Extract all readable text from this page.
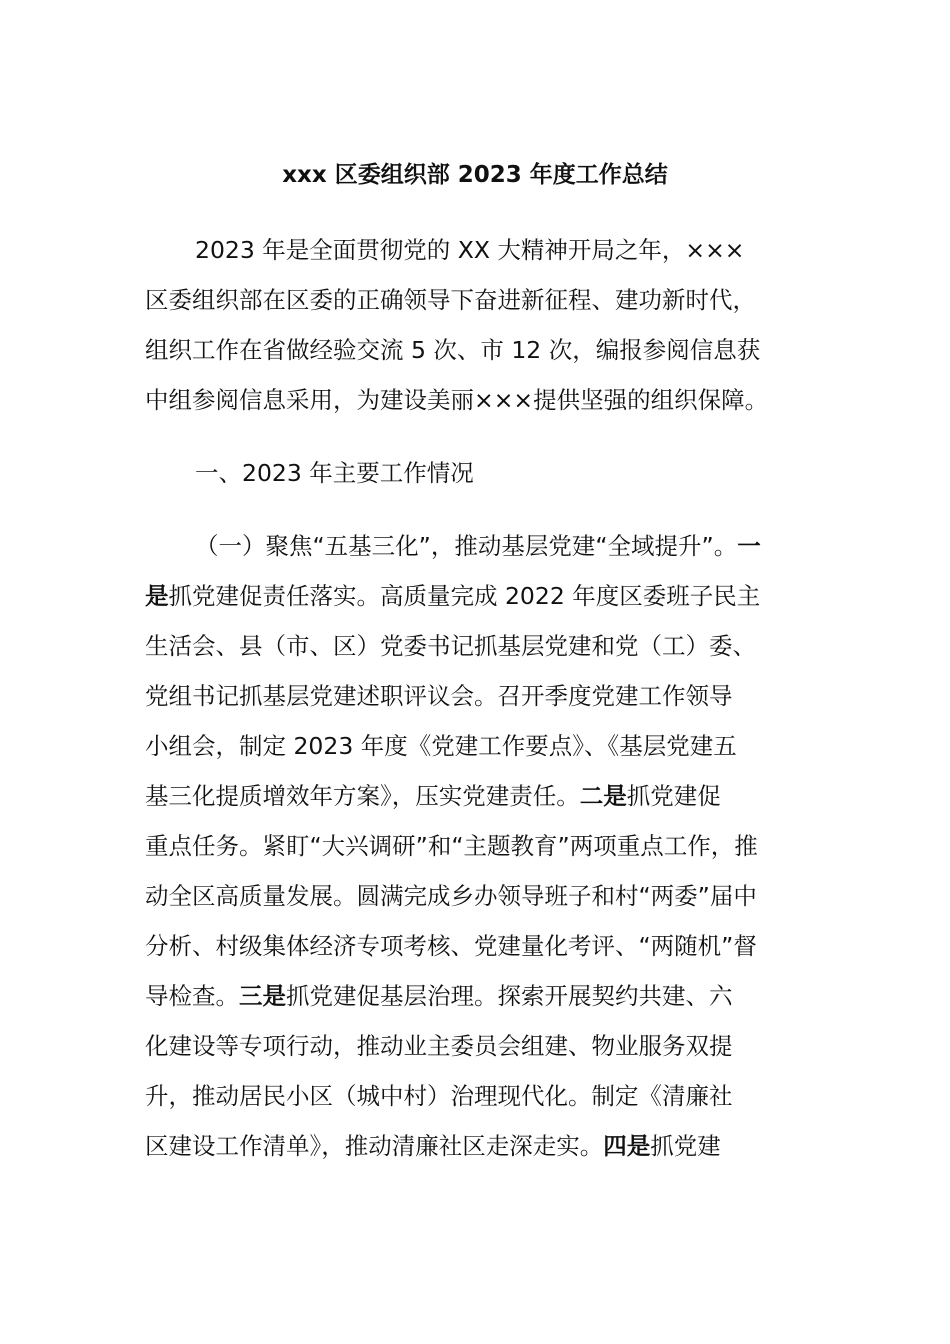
xxx 区委组织部 2023 年度工作总结

2023 年是全面贯彻党的 XX 大精神开局之年，×××

区委组织部在区委的正确领导下奋进新征程、建功新时代，

组织工作在省做经验交流 5 次、市 12 次，编报参阅信息获

中组参阅信息采用，为建设美丽×××提供坚强的组织保障。

一、2023 年主要工作情况

（一）聚焦“五基三化”，推动基层党建“全域提升”。一

是抓党建促责任落实。高质量完成 2022 年度区委班子民主

生活会、县（市、区）党委书记抓基层党建和党（工）委、

党组书记抓基层党建述职评议会。召开季度党建工作领导

小组会，制定 2023 年度《党建工作要点》、《基层党建五

基三化提质增效年方案》，压实党建责任。二是抓党建促

重点任务。紧盯“大兴调研”和“主题教育”两项重点工作，推

动全区高质量发展。圆满完成乡办领导班子和村“两委”届中

分析、村级集体经济专项考核、党建量化考评、“两随机”督

导检查。三是抓党建促基层治理。探索开展契约共建、六

化建设等专项行动，推动业主委员会组建、物业服务双提

升，推动居民小区（城中村）治理现代化。制定《清廉社

区建设工作清单》，推动清廉社区走深走实。四是抓党建
